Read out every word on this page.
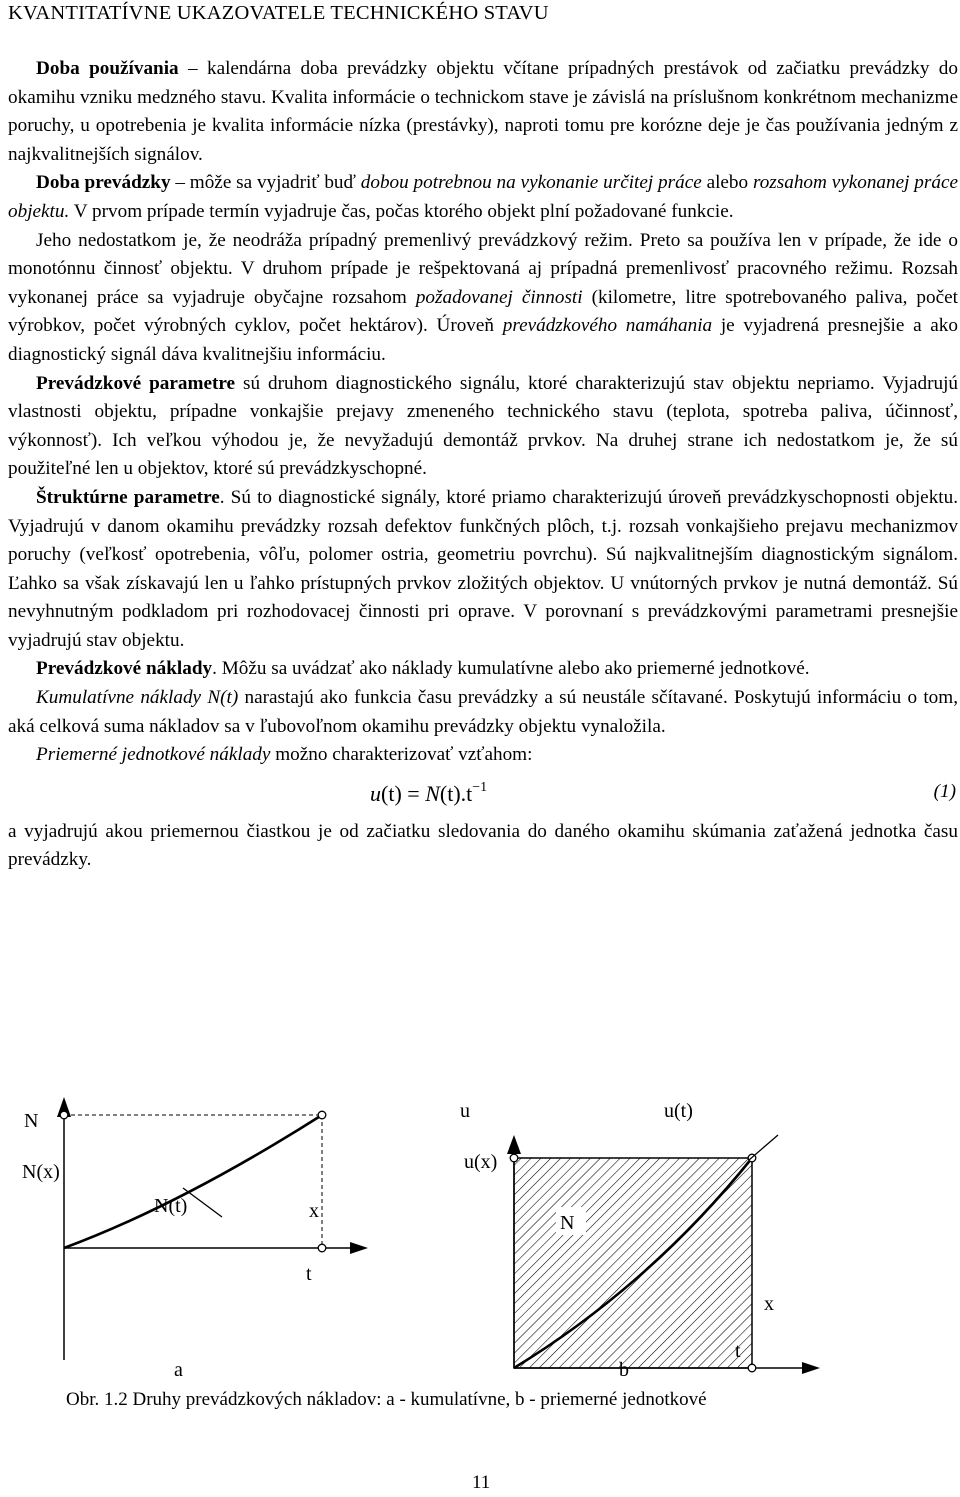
KVANTITATÍVNE UKAZOVATELE TECHNICKÉHO STAVU

Doba používania – kalendárna doba prevádzky objektu včítane prípadných prestávok od začiatku prevádzky do okamihu vzniku medzného stavu. Kvalita informácie o technickom stave je závislá na príslušnom konkrétnom mechanizme poruchy, u opotrebenia je kvalita informácie nízka (prestávky), naproti tomu pre korózne deje je čas používania jedným z najkvalitnejších signálov.

Doba prevádzky – môže sa vyjadriť buď dobou potrebnou na vykonanie určitej práce alebo rozsahom vykonanej práce objektu. V prvom prípade termín vyjadruje čas, počas ktorého objekt plní požadované funkcie.

Jeho nedostatkom je, že neodráža prípadný premenlivý prevádzkový režim. Preto sa používa len v prípade, že ide o monotónnu činnosť objektu. V druhom prípade je rešpektovaná aj prípadná premenlivosť pracovného režimu. Rozsah vykonanej práce sa vyjadruje obyčajne rozsahom požadovanej činnosti (kilometre, litre spotrebovaného paliva, počet výrobkov, počet výrobných cyklov, počet hektárov). Úroveň prevádzkového namáhania je vyjadrená presnejšie a ako diagnostický signál dáva kvalitnejšiu informáciu.

Prevádzkové parametre sú druhom diagnostického signálu, ktoré charakterizujú stav objektu nepriamo. Vyjadrujú vlastnosti objektu, prípadne vonkajšie prejavy zmeneného technického stavu (teplota, spotreba paliva, účinnosť, výkonnosť). Ich veľkou výhodou je, že nevyžadujú demontáž prvkov. Na druhej strane ich nedostatkom je, že sú použiteľné len u objektov, ktoré sú prevádzkyschopné.

Štruktúrne parametre. Sú to diagnostické signály, ktoré priamo charakterizujú úroveň prevádzkyschopnosti objektu. Vyjadrujú v danom okamihu prevádzky rozsah defektov funkčných plôch, t.j. rozsah vonkajšieho prejavu mechanizmov poruchy (veľkosť opotrebenia, vôľu, polomer ostria, geometriu povrchu). Sú najkvalitnejším diagnostickým signálom. Ľahko sa však získavajú len u ľahko prístupných prvkov zložitých objektov. U vnútorných prvkov je nutná demontáž. Sú nevyhnutným podkladom pri rozhodovacej činnosti pri oprave. V porovnaní s prevádzkovými parametrami presnejšie vyjadrujú stav objektu.

Prevádzkové náklady. Môžu sa uvádzať ako náklady kumulatívne alebo ako priemerné jednotkové.

Kumulatívne náklady N(t) narastajú ako funkcia času prevádzky a sú neustále sčítavané. Poskytujú informáciu o tom, aká celková suma nákladov sa v ľubovoľnom okamihu prevádzky objektu vynaložila.

Priemerné jednotkové náklady možno charakterizovať vzťahom:

$u(t) = N(t).t^{-1}$	(1)

a vyjadrujú akou priemernou čiastkou je od začiatku sledovania do daného okamihu skúmania zaťažená jednotka času prevádzky.

N
N(x)
N(t)	x
t
a
u
u(x)
u(t)
N
x
t
b
Obr. 1.2 Druhy prevádzkových nákladov: a - kumulatívne, b - priemerné jednotkové
11
